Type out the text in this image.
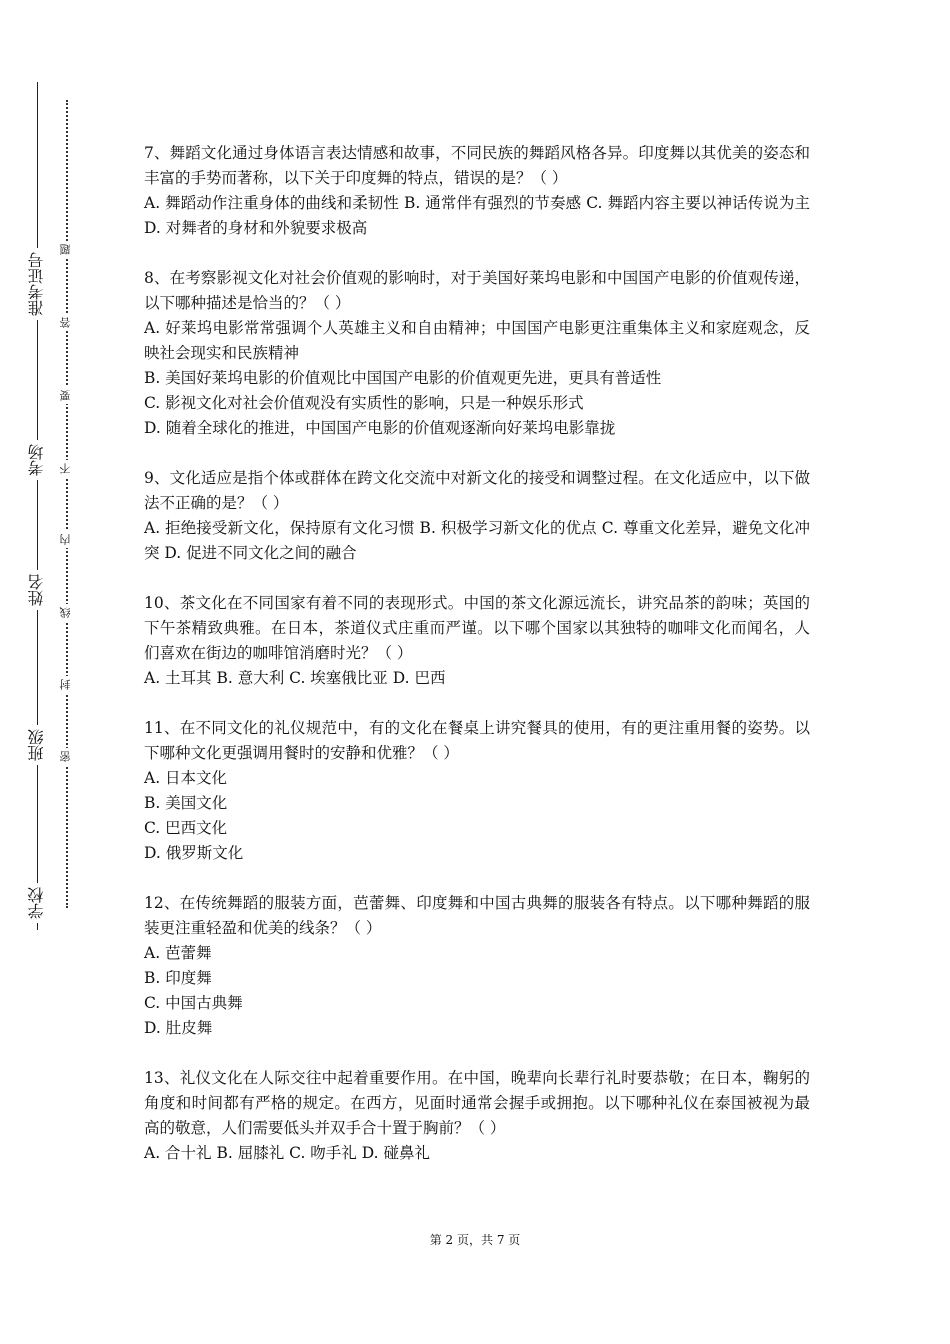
准考证号
考场
姓名
班级
学校
题
答
要
不
内
线
封
密

7、舞蹈文化通过身体语言表达情感和故事，不同民族的舞蹈风格各异。印度舞以其优美的姿态和丰富的手势而著称，以下关于印度舞的特点，错误的是？（ ）

A. 舞蹈动作注重身体的曲线和柔韧性 B. 通常伴有强烈的节奏感 C. 舞蹈内容主要以神话传说为主 D. 对舞者的身材和外貌要求极高

8、在考察影视文化对社会价值观的影响时，对于美国好莱坞电影和中国国产电影的价值观传递，以下哪种描述是恰当的？（ ）

A. 好莱坞电影常常强调个人英雄主义和自由精神；中国国产电影更注重集体主义和家庭观念，反映社会现实和民族精神

B. 美国好莱坞电影的价值观比中国国产电影的价值观更先进，更具有普适性

C. 影视文化对社会价值观没有实质性的影响，只是一种娱乐形式

D. 随着全球化的推进，中国国产电影的价值观逐渐向好莱坞电影靠拢

9、文化适应是指个体或群体在跨文化交流中对新文化的接受和调整过程。在文化适应中，以下做法不正确的是？（ ）

A. 拒绝接受新文化，保持原有文化习惯 B. 积极学习新文化的优点 C. 尊重文化差异，避免文化冲突 D. 促进不同文化之间的融合

10、茶文化在不同国家有着不同的表现形式。中国的茶文化源远流长，讲究品茶的韵味；英国的下午茶精致典雅。在日本，茶道仪式庄重而严谨。以下哪个国家以其独特的咖啡文化而闻名，人们喜欢在街边的咖啡馆消磨时光？（ ）

A. 土耳其 B. 意大利 C. 埃塞俄比亚 D. 巴西

11、在不同文化的礼仪规范中，有的文化在餐桌上讲究餐具的使用，有的更注重用餐的姿势。以下哪种文化更强调用餐时的安静和优雅？（ ）

A. 日本文化

B. 美国文化

C. 巴西文化

D. 俄罗斯文化

12、在传统舞蹈的服装方面，芭蕾舞、印度舞和中国古典舞的服装各有特点。以下哪种舞蹈的服装更注重轻盈和优美的线条？（ ）

A. 芭蕾舞

B. 印度舞

C. 中国古典舞

D. 肚皮舞

13、礼仪文化在人际交往中起着重要作用。在中国，晚辈向长辈行礼时要恭敬；在日本，鞠躬的角度和时间都有严格的规定。在西方，见面时通常会握手或拥抱。以下哪种礼仪在泰国被视为最高的敬意，人们需要低头并双手合十置于胸前？（ ）

A. 合十礼 B. 屈膝礼 C. 吻手礼 D. 碰鼻礼

第 2 页，共 7 页
